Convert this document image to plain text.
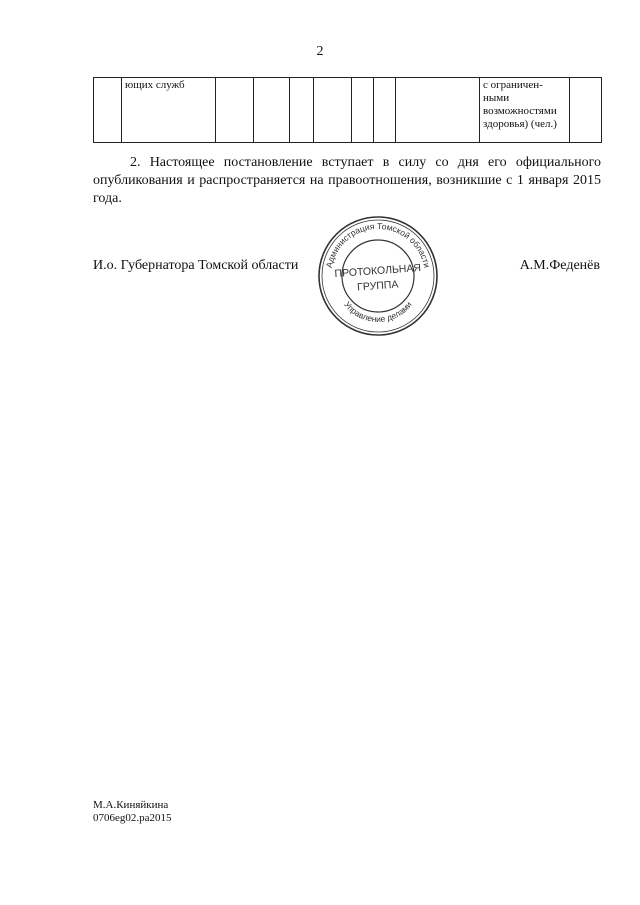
2
	ющих служб								с ограничен-
ными
возможностями
здоровья) (чел.)

2. Настоящее постановление вступает в силу со дня его официального опубликования и распространяется на правоотношения, возникшие с 1 января 2015 года.

И.о. Губернатора Томской области	А.М.Феденёв
Администрация Томской области
Управление делами
ПРОТОКОЛЬНАЯ
ГРУППА
М.А.Киняйкина
0706eg02.pa2015
